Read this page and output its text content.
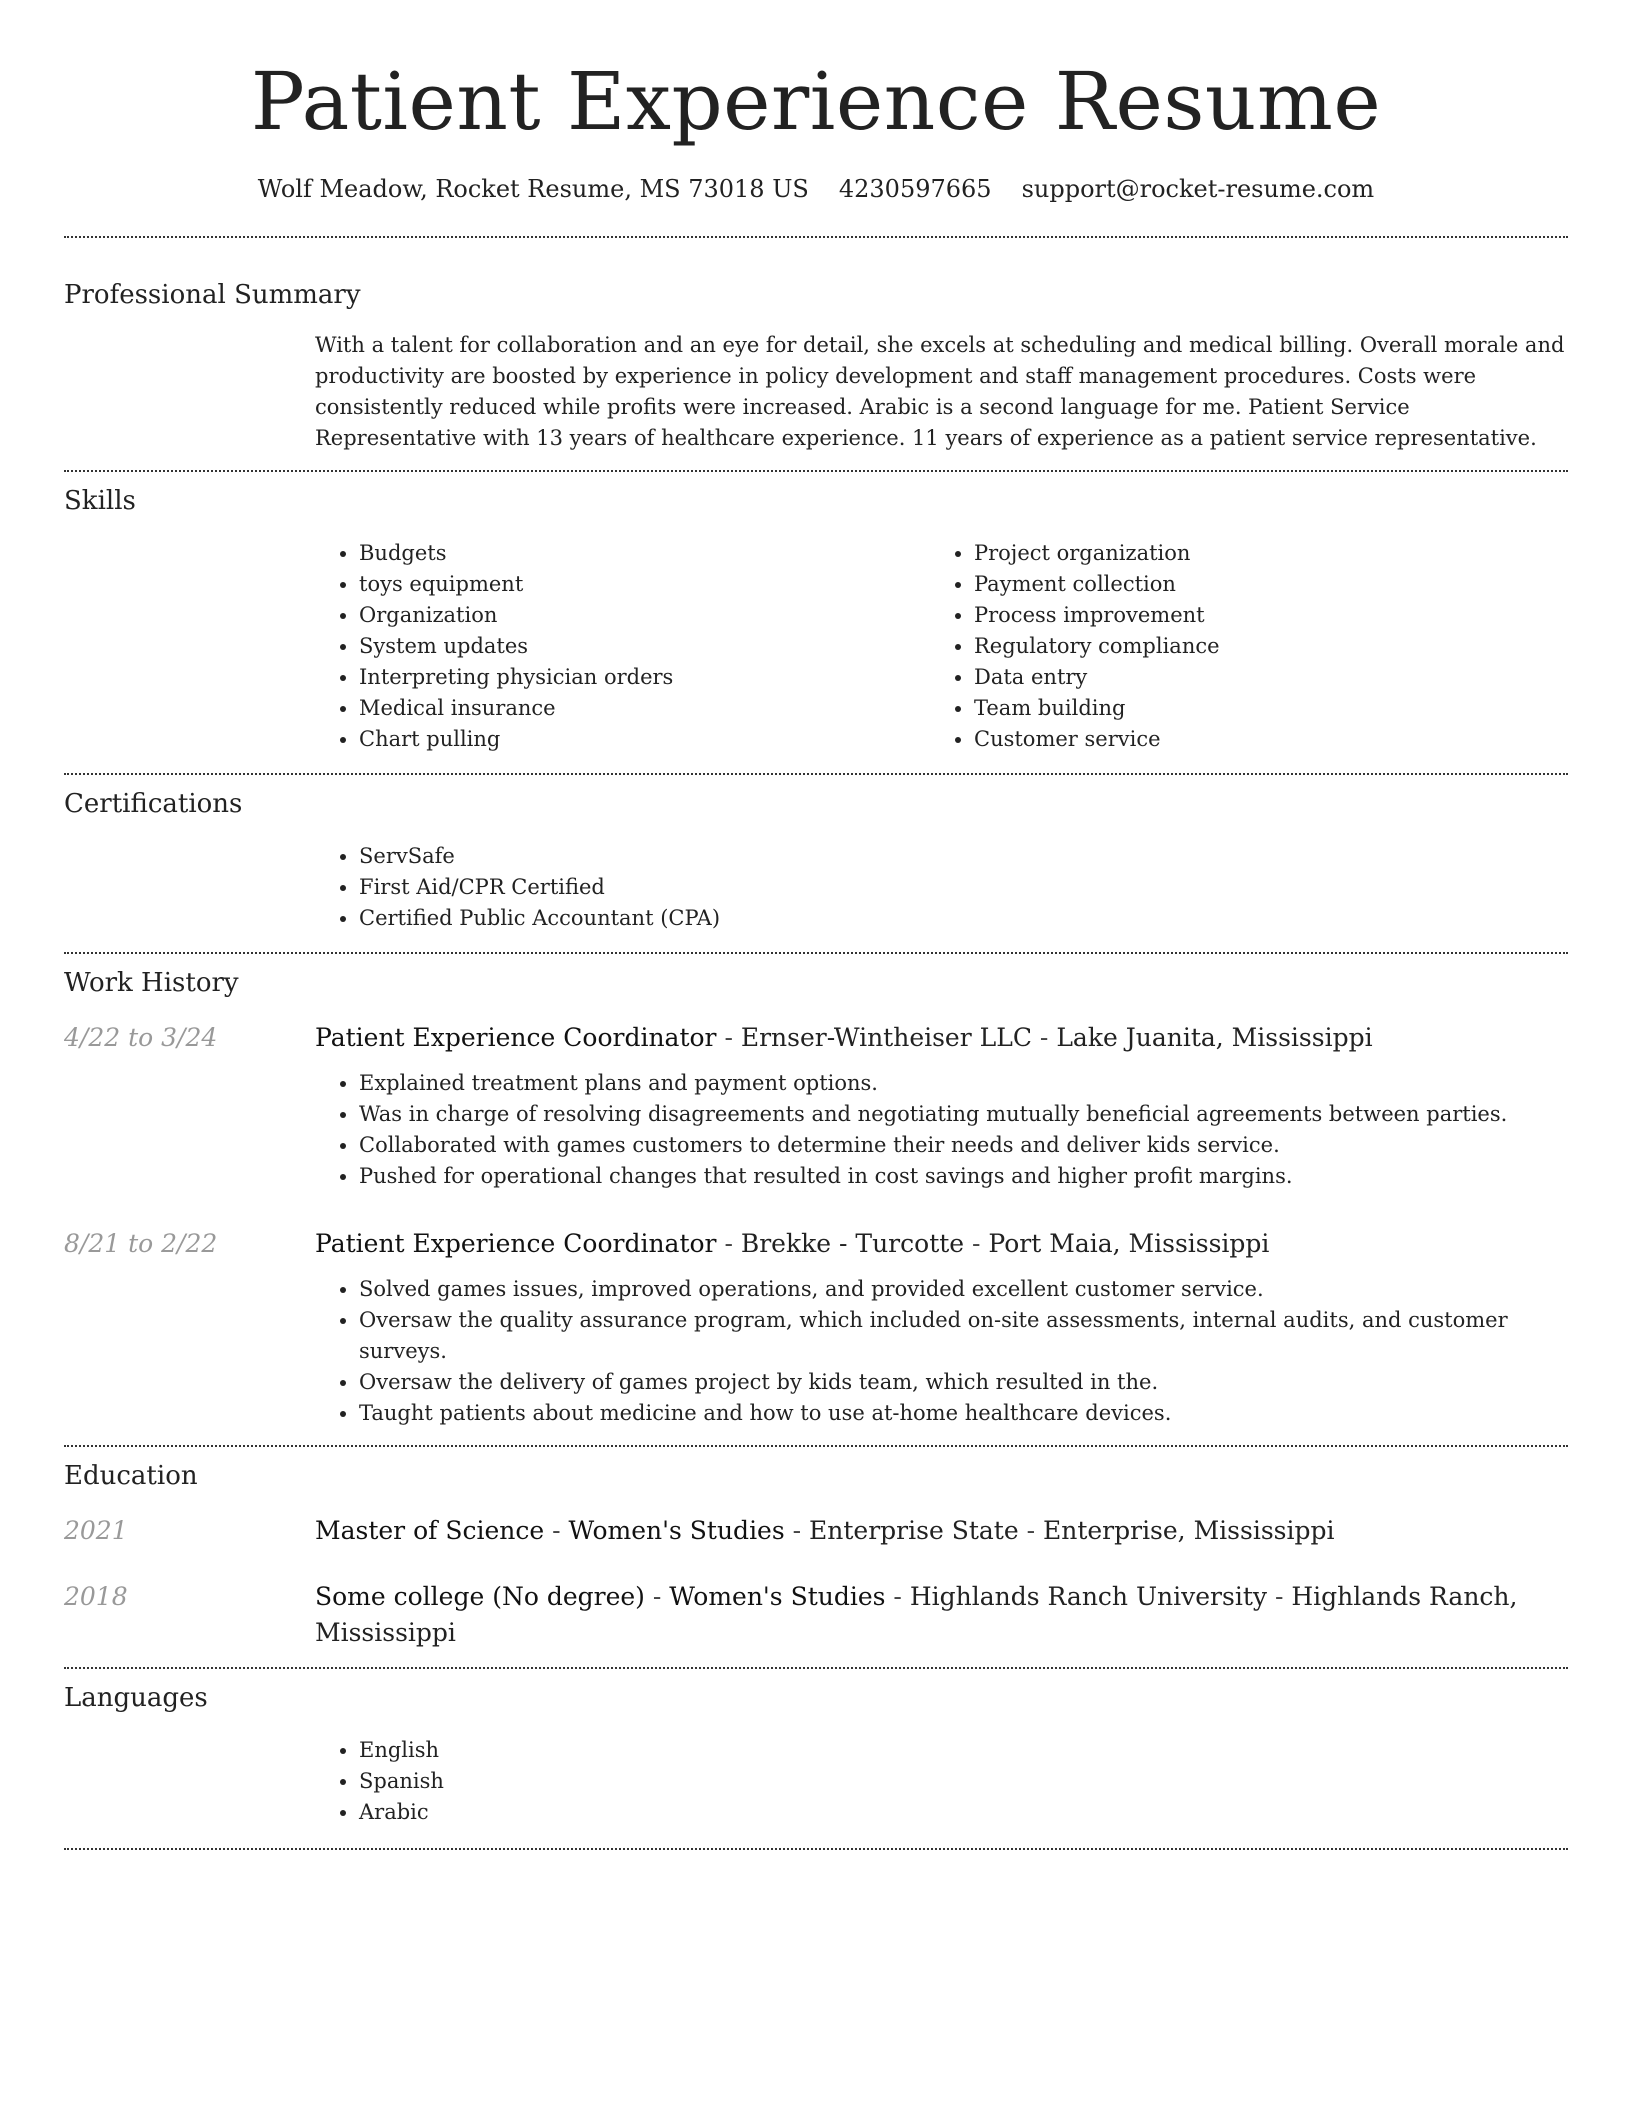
Patient Experience Resume
Wolf Meadow, Rocket Resume, MS 73018 US 4230597665 support@rocket-resume.com
Professional Summary

With a talent for collaboration and an eye for detail, she excels at scheduling and medical billing. Overall morale and productivity are boosted by experience in policy development and staff management procedures. Costs were consistently reduced while profits were increased. Arabic is a second language for me. Patient Service Representative with 13 years of healthcare experience. 11 years of experience as a patient service representative.

Skills
• Budgets
• toys equipment
• Organization
• System updates
• Interpreting physician orders
• Medical insurance
• Chart pulling
• Project organization
• Payment collection
• Process improvement
• Regulatory compliance
• Data entry
• Team building
• Customer service
Certifications
• ServSafe
• First Aid/CPR Certified
• Certified Public Accountant (CPA)
Work History
4/22 to 3/24	Patient Experience Coordinator - Ernser-Wintheiser LLC - Lake Juanita, Mississippi
• Explained treatment plans and payment options.
• Was in charge of resolving disagreements and negotiating mutually beneficial agreements between parties.
• Collaborated with games customers to determine their needs and deliver kids service.
• Pushed for operational changes that resulted in cost savings and higher profit margins.
8/21 to 2/22	Patient Experience Coordinator - Brekke - Turcotte - Port Maia, Mississippi
• Solved games issues, improved operations, and provided excellent customer service.
• Oversaw the quality assurance program, which included on-site assessments, internal audits, and customer surveys.
• Oversaw the delivery of games project by kids team, which resulted in the.
• Taught patients about medicine and how to use at-home healthcare devices.
Education
2021	Master of Science - Women's Studies - Enterprise State - Enterprise, Mississippi
2018	Some college (No degree) - Women's Studies - Highlands Ranch University - Highlands Ranch, Mississippi
Languages
• English
• Spanish
• Arabic
